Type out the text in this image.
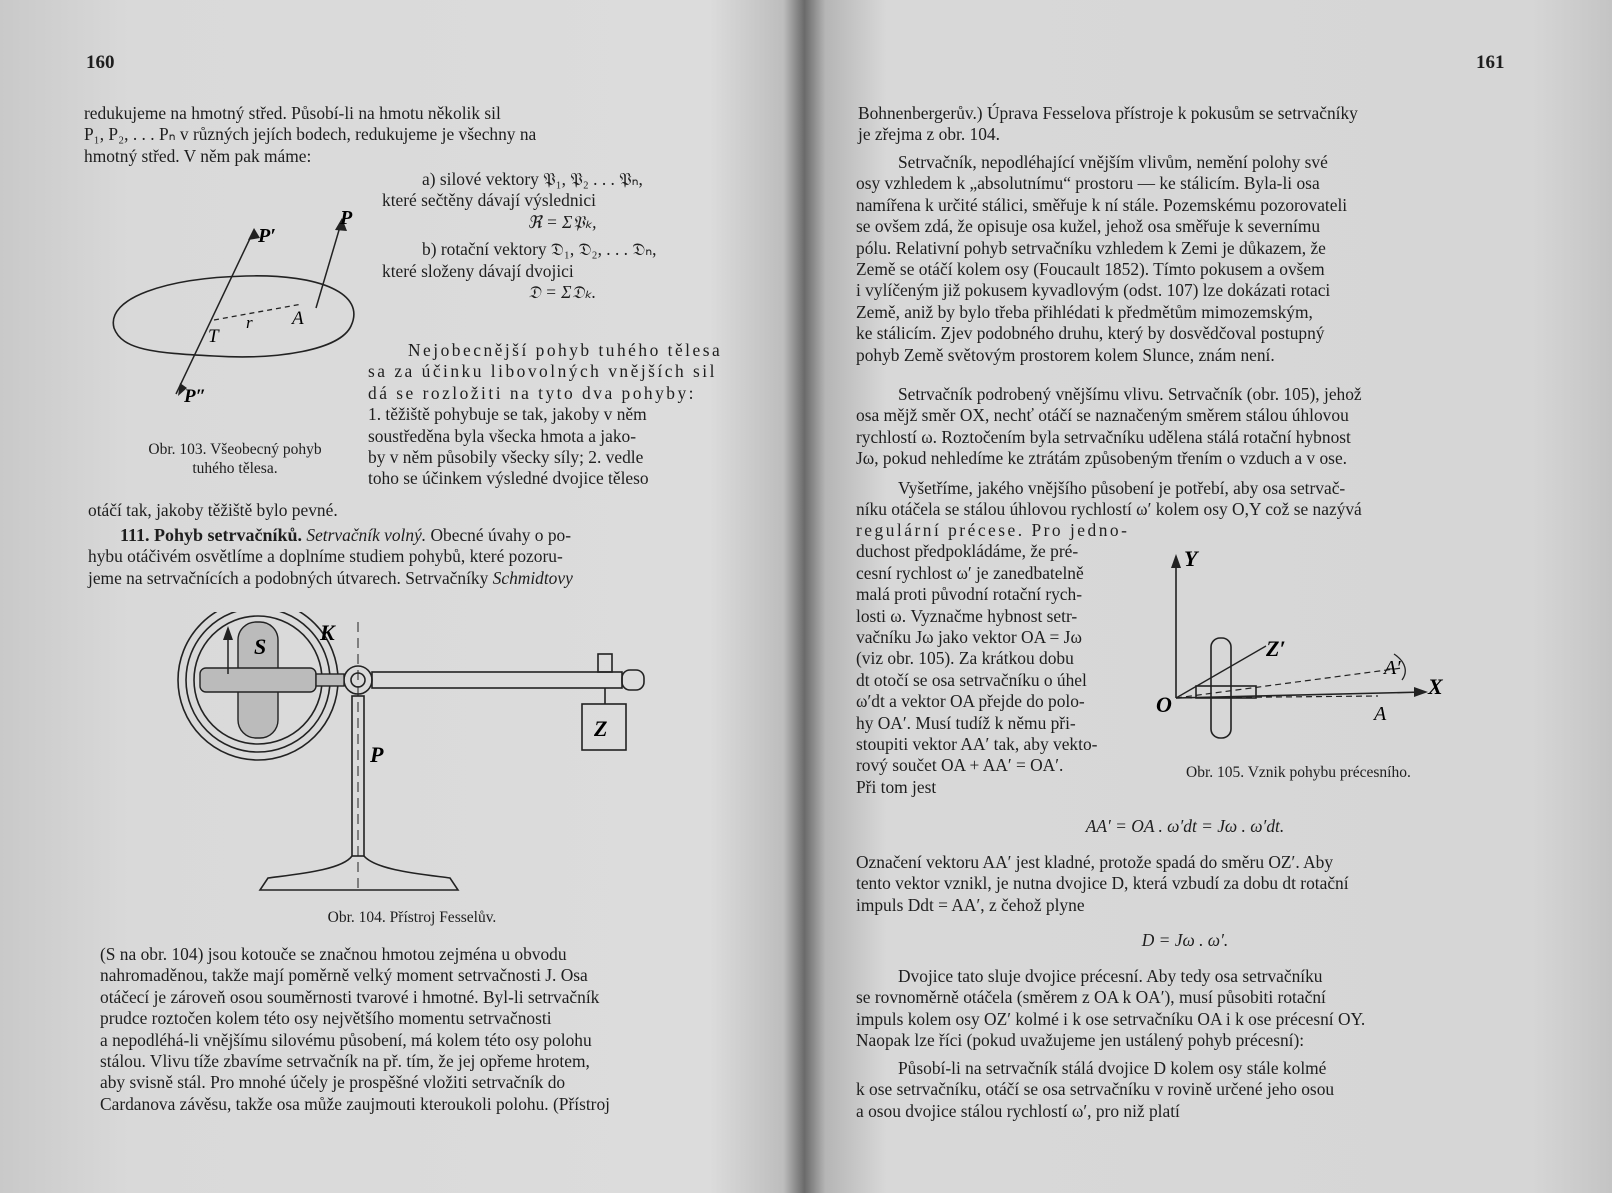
160
redukujeme na hmotný střed. Působí-li na hmotu několik sil
P₁, P₂, . . . Pₙ v různých jejích bodech, redukujeme je všechny na
hmotný střed. V něm pak máme:
a) silové vektory 𝔓₁, 𝔓₂ . . . 𝔓ₙ,
které sečtěny dávají výslednici
ℜ = Σ𝔓ₖ,
b) rotační vektory 𝔇₁, 𝔇₂, . . . 𝔇ₙ,
které složeny dávají dvojici
𝔇 = Σ𝔇ₖ.
Nejobecnější pohyb tuhého tělesa
sa za účinku libovolných vnějších sil
dá se rozložiti na tyto dva pohyby:
1. těžiště pohybuje se tak, jakoby v něm
soustředěna byla všecka hmota a jako-
by v něm působily všecky síly; 2. vedle
toho se účinkem výsledné dvojice těleso
otáčí tak, jakoby těžiště bylo pevné.
P′
P
T
r A
P″
Obr. 103. Všeobecný pohyb
tuhého tělesa.
111. Pohyb setrvačníků. Setrvačník volný. Obecné úvahy o po-
hybu otáčivém osvětlíme a doplníme studiem pohybů, které pozoru-
jeme na setrvačnících a podobných útvarech. Setrvačníky Schmidtovy
K
S
P
Z
Obr. 104. Přístroj Fesselův.
(S na obr. 104) jsou kotouče se značnou hmotou zejména u obvodu
nahromaděnou, takže mají poměrně velký moment setrvačnosti J. Osa
otáčecí je zároveň osou souměrnosti tvarové i hmotné. Byl-li setrvačník
prudce roztočen kolem této osy největšího momentu setrvačnosti
a nepodléhá-li vnějšímu silovému působení, má kolem této osy polohu
stálou. Vlivu tíže zbavíme setrvačník na př. tím, že jej opřeme hrotem,
aby svisně stál. Pro mnohé účely je prospěšné vložiti setrvačník do
Cardanova závěsu, takže osa může zaujmouti kteroukoli polohu. (Přístroj
161
Bohnenbergerův.) Úprava Fesselova přístroje k pokusům se setrvačníky
je zřejma z obr. 104.
Setrvačník, nepodléhající vnějším vlivům, nemění polohy své
osy vzhledem k „absolutnímu“ prostoru — ke stálicím. Byla-li osa
namířena k určité stálici, směřuje k ní stále. Pozemskému pozorovateli
se ovšem zdá, že opisuje osa kužel, jehož osa směřuje k severnímu
pólu. Relativní pohyb setrvačníku vzhledem k Zemi je důkazem, že
Země se otáčí kolem osy (Foucault 1852). Tímto pokusem a ovšem
i vylíčeným již pokusem kyvadlovým (odst. 107) lze dokázati rotaci
Země, aniž by bylo třeba přihlédati k předmětům mimozemským,
ke stálicím. Zjev podobného druhu, který by dosvědčoval postupný
pohyb Země světovým prostorem kolem Slunce, znám není.
Setrvačník podrobený vnějšímu vlivu. Setrvačník (obr. 105), jehož
osa mějž směr OX, nechť otáčí se naznačeným směrem stálou úhlovou
rychlostí ω. Roztočením byla setrvačníku udělena stálá rotační hybnost
Jω, pokud nehledíme ke ztrátám způsobeným třením o vzduch a v ose.
Vyšetříme, jakého vnějšího působení je potřebí, aby osa setrvač-
níku otáčela se stálou úhlovou rychlostí ω′ kolem osy O,Y což se nazývá
regulární précese. Pro jedno-
duchost předpokládáme, že pré-
cesní rychlost ω′ je zanedbatelně
malá proti původní rotační rych-
losti ω. Vyznačme hybnost setr-
vačníku Jω jako vektor OA = Jω
(viz obr. 105). Za krátkou dobu
dt otočí se osa setrvačníku o úhel
ω′dt a vektor OA přejde do polo-
hy OA′. Musí tudíž k němu při-
stoupiti vektor AA′ tak, aby vekto-
rový součet OA + AA′ = OA′.
Při tom jest
Y
Z′
A′
X
O	A
Obr. 105. Vznik pohybu précesního.
AA′ = OA . ω′dt = Jω . ω′dt.
Označení vektoru AA′ jest kladné, protože spadá do směru OZ′. Aby
tento vektor vznikl, je nutna dvojice D, která vzbudí za dobu dt rotační
impuls Ddt = AA′, z čehož plyne
D = Jω . ω′.
Dvojice tato sluje dvojice précesní. Aby tedy osa setrvačníku
se rovnoměrně otáčela (směrem z OA k OA′), musí působiti rotační
impuls kolem osy OZ′ kolmé i k ose setrvačníku OA i k ose précesní OY.
Naopak lze říci (pokud uvažujeme jen ustálený pohyb précesní):
Působí-li na setrvačník stálá dvojice D kolem osy stále kolmé
k ose setrvačníku, otáčí se osa setrvačníku v rovině určené jeho osou
a osou dvojice stálou rychlostí ω′, pro niž platí
